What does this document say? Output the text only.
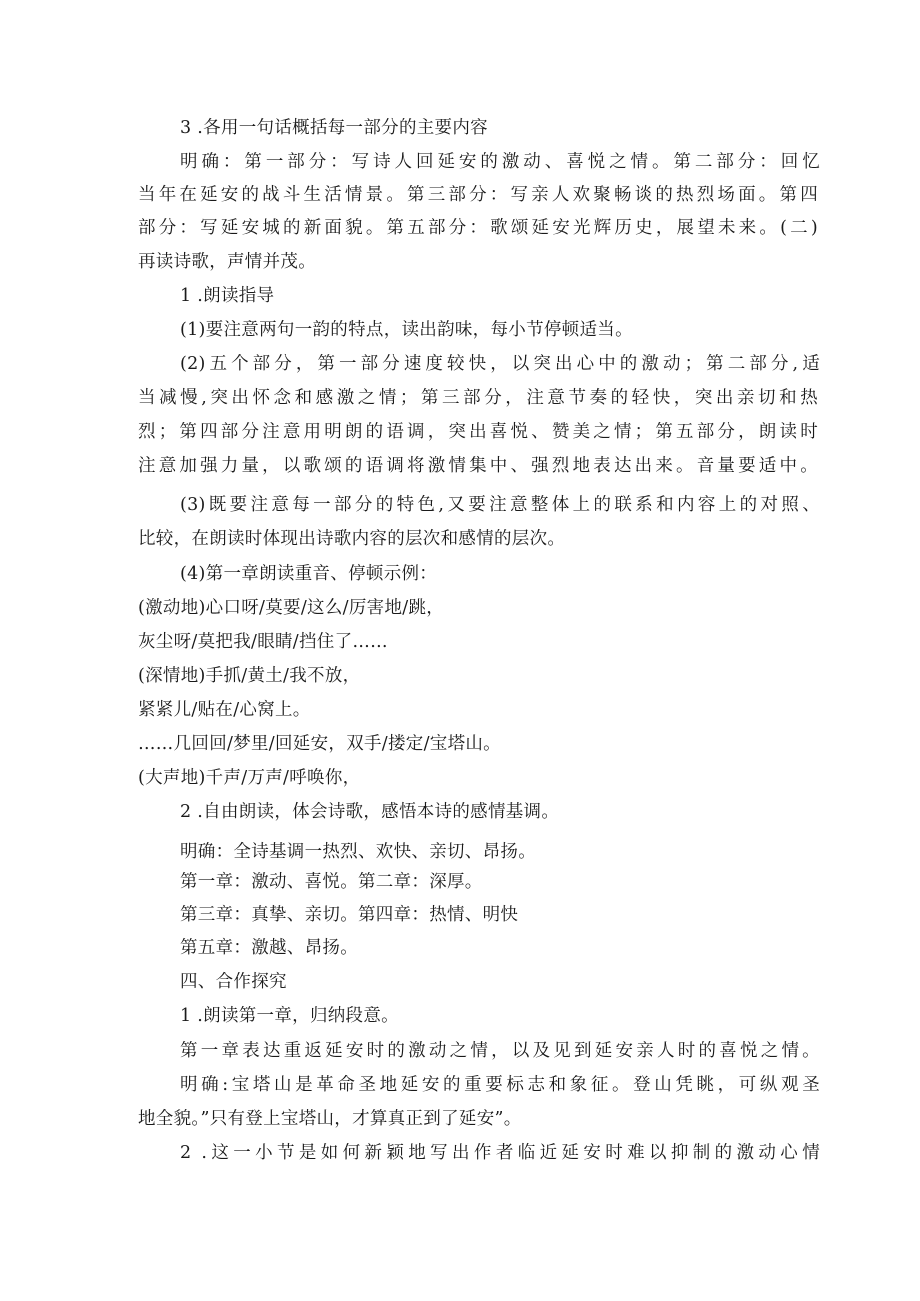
3 .各用一句话概括每一部分的主要内容
明确：第一部分：写诗人回延安的激动、喜悦之情。第二部分：回忆
当年在延安的战斗生活情景。第三部分：写亲人欢聚畅谈的热烈场面。第四
部分：写延安城的新面貌。第五部分：歌颂延安光辉历史，展望未来。(二)
再读诗歌，声情并茂。
1 .朗读指导
(1)要注意两句一韵的特点，读出韵味，每小节停顿适当。
(2)五个部分，第一部分速度较快，以突出心中的激动；第二部分,适
当减慢,突出怀念和感激之情；第三部分，注意节奏的轻快，突出亲切和热
烈；第四部分注意用明朗的语调，突出喜悦、赞美之情；第五部分，朗读时
注意加强力量，以歌颂的语调将激情集中、强烈地表达出来。音量要适中。
(3)既要注意每一部分的特色,又要注意整体上的联系和内容上的对照、
比较，在朗读时体现出诗歌内容的层次和感情的层次。
(4)第一章朗读重音、停顿示例：
(激动地)心口呀/莫要/这么/厉害地/跳，
灰尘呀/莫把我/眼睛/挡住了……
(深情地)手抓/黄土/我不放，
紧紧儿/贴在/心窝上。
……几回回/梦里/回延安，双手/搂定/宝塔山。
(大声地)千声/万声/呼唤你，
2 .自由朗读，体会诗歌，感悟本诗的感情基调。
明确：全诗基调一热烈、欢快、亲切、昂扬。
第一章：激动、喜悦。第二章：深厚。
第三章：真挚、亲切。第四章：热情、明快
第五章：激越、昂扬。
四、合作探究
1 .朗读第一章，归纳段意。
第一章表达重返延安时的激动之情，以及见到延安亲人时的喜悦之情。
明确:宝塔山是革命圣地延安的重要标志和象征。登山凭眺，可纵观圣
地全貌。”只有登上宝塔山，才算真正到了延安”。
2 .这一小节是如何新颖地写出作者临近延安时难以抑制的激动心情
